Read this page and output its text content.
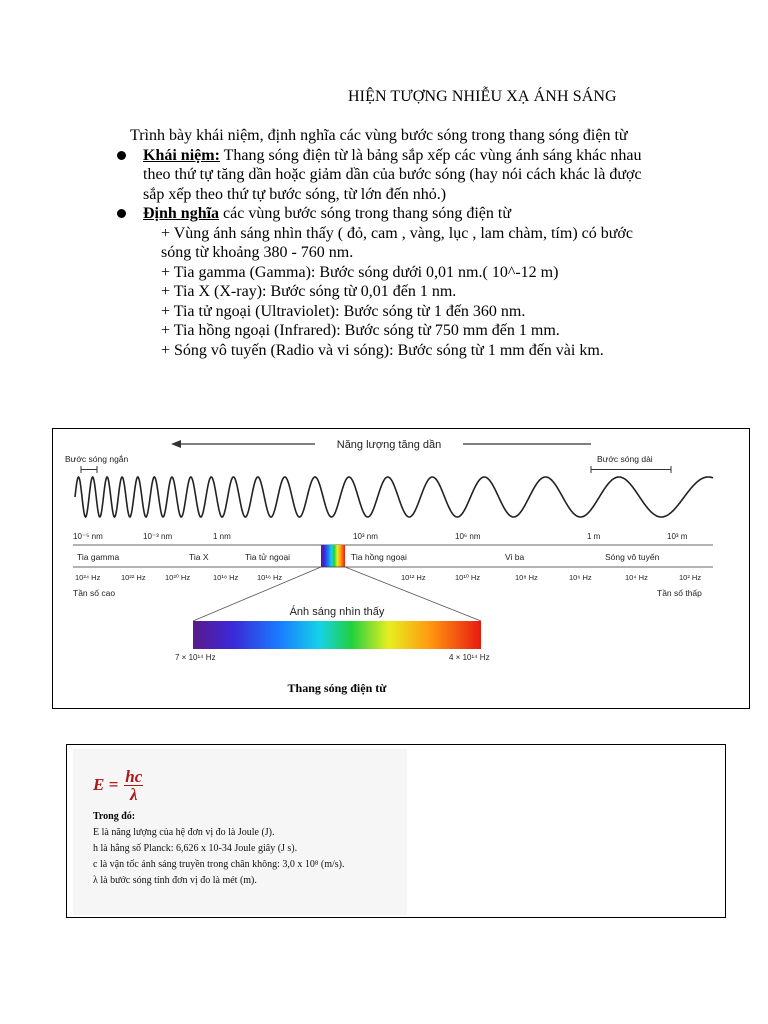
HIỆN TƯỢNG NHIỄU XẠ ÁNH SÁNG

Trình bày khái niệm, định nghĩa các vùng bước sóng trong thang sóng điện từ

Khái niệm: Thang sóng điện từ là bảng sắp xếp các vùng ánh sáng khác nhau theo thứ tự tăng dần hoặc giảm dần của bước sóng (hay nói cách khác là được sắp xếp theo thứ tự bước sóng, từ lớn đến nhỏ.)
Định nghĩa các vùng bước sóng trong thang sóng điện từ
+ Vùng ánh sáng nhìn thấy ( đỏ, cam , vàng, lục , lam chàm, tím) có bước sóng từ khoảng 380 - 760 nm.
+ Tia gamma (Gamma): Bước sóng dưới 0,01 nm.( 10^-12 m)
+ Tia X (X-ray): Bước sóng từ 0,01 đến 1 nm.
+ Tia tử ngoại (Ultraviolet): Bước sóng từ 1 đến 360 nm.
+ Tia hồng ngoại (Infrared): Bước sóng từ 750 mm đến 1 mm.
+ Sóng vô tuyến (Radio và vi sóng): Bước sóng từ 1 mm đến vài km.
Năng lượng tăng dần
Bước sóng ngắn	Bước sóng dài
10⁻⁵ nm	10⁻³ nm	1 nm	10³ nm	10⁶ nm	1 m	10³ m
Tia gamma	Tia X	Tia tử ngoại	Tia hồng ngoại	Vi ba	Sóng vô tuyến
10²⁴ Hz	10²² Hz	10²⁰ Hz	10¹⁸ Hz 10¹⁶ Hz	10¹² Hz	10¹⁰ Hz	10⁸ Hz	10⁶ Hz	10⁴ Hz	10² Hz
Tần số cao	Tần số thấp
Ánh sáng nhìn thấy
7 × 10¹⁴ Hz	4 × 10¹⁴ Hz
Thang sóng điện từ
$E = \frac{hc}{\lambda}$
Trong đó:
E là năng lượng của hệ đơn vị đo là Joule (J).
h là hằng số Planck: 6,626 x 10-34 Joule giây (J s).
c là vận tốc ánh sáng truyền trong chân không: 3,0 x 10⁸ (m/s).
λ là bước sóng tính đơn vị đo là mét (m).
